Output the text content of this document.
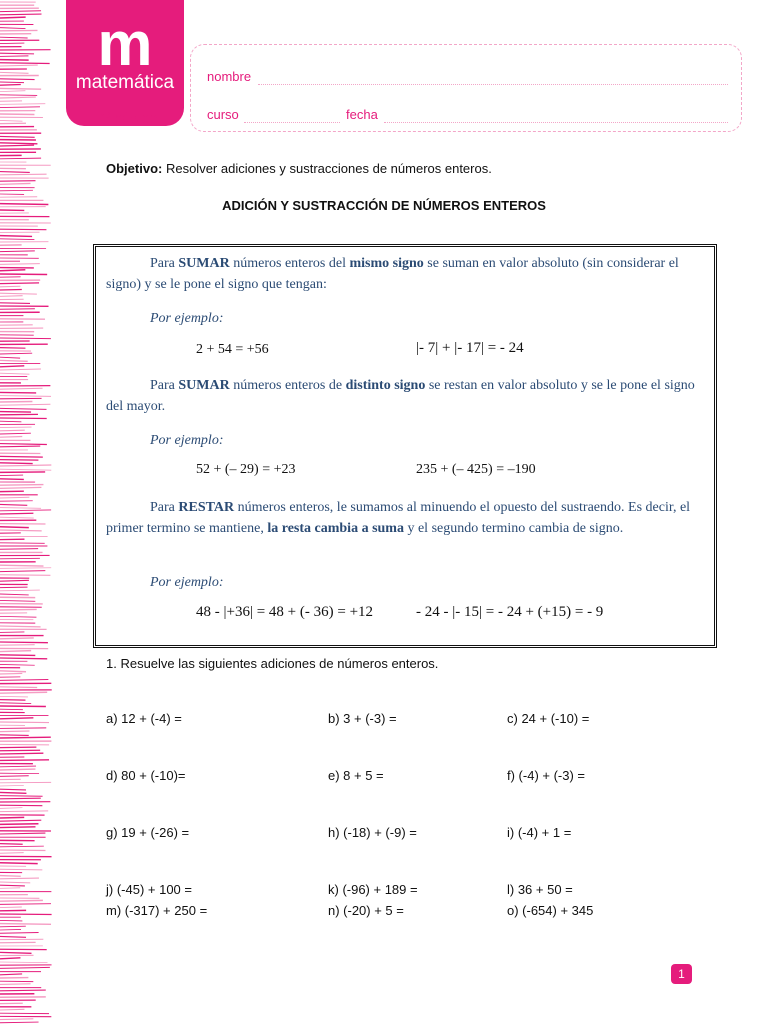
m
matemática
7º básico
nombre
curso	fecha
Objetivo: Resolver adiciones y sustracciones de números enteros.
ADICIÓN Y SUSTRACCIÓN DE NÚMEROS ENTEROS
Para SUMAR números enteros del mismo signo se suman en valor absoluto (sin considerar el signo) y se le pone el signo que tengan:
Por ejemplo:
2 + 54 = +56	|- 7| + |- 17| = - 24
Para SUMAR números enteros de distinto signo se restan en valor absoluto y se le pone el signo del mayor.
Por ejemplo:
52 + (– 29) = +23	235 + (– 425) = –190
Para RESTAR números enteros, le sumamos al minuendo el opuesto del sustraendo. Es decir, el primer termino se mantiene, la resta cambia a suma y el segundo termino cambia de signo.
Por ejemplo:
48 - |+36| = 48 + (- 36) = +12	- 24 - |- 15| = - 24 + (+15) = - 9
1. Resuelve las siguientes adiciones de números enteros.
a) 12 + (-4) =	b) 3 + (-3) =	c) 24 + (-10) =
d) 80 + (-10)=	e) 8 + 5 =	f) (-4) + (-3) =
g) 19 + (-26) =	h) (-18) + (-9) =	i) (-4) + 1 =
j) (-45) + 100 =	k) (-96) + 189 =	l) 36 + 50 =
m) (-317) + 250 =	n) (-20) + 5 =	o) (-654) + 345
1
